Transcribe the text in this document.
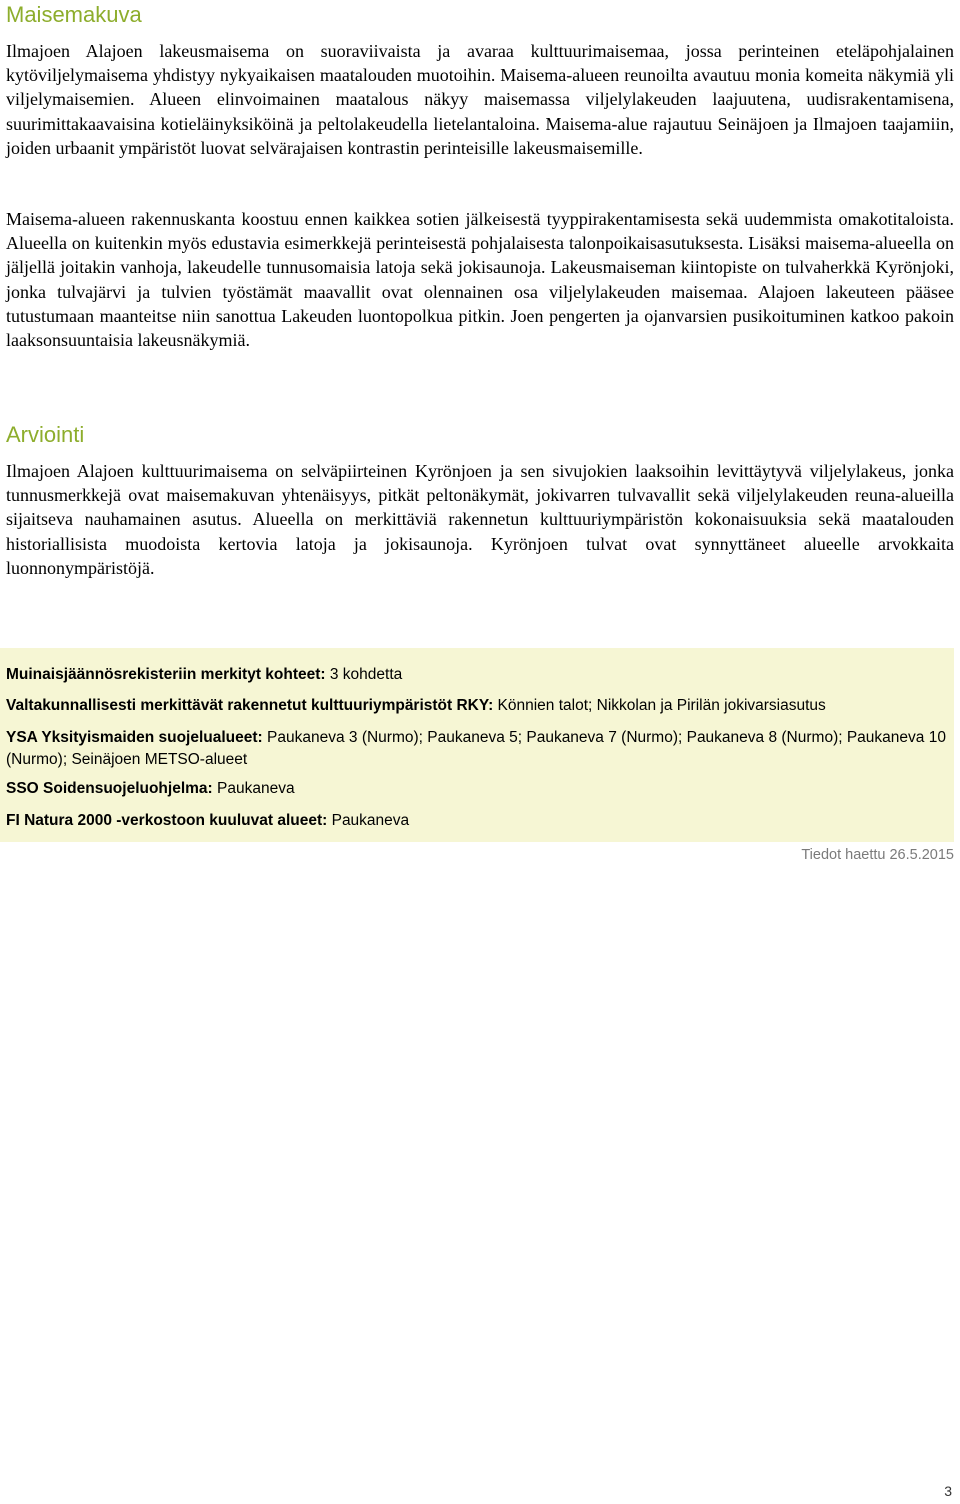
Maisemakuva

Ilmajoen Alajoen lakeusmaisema on suoraviivaista ja avaraa kulttuurimaisemaa, jossa perinteinen eteläpohjalainen kytöviljelymaisema yhdistyy nykyaikaisen maatalouden muotoihin. Maisema-alueen reunoilta avautuu monia komeita näkymiä yli viljelymaisemien. Alueen elinvoimainen maatalous näkyy maisemassa viljelylakeuden laajuutena, uudisrakentamisena, suurimittakaavaisina kotieläinyksiköinä ja peltolakeudella lietelantaloina. Maisema-alue rajautuu Seinäjoen ja Ilmajoen taajamiin, joiden urbaanit ympäristöt luovat selvärajaisen kontrastin perinteisille lakeusmaisemille.

Maisema-alueen rakennuskanta koostuu ennen kaikkea sotien jälkeisestä tyyppirakentamisesta sekä uudemmista omakotitaloista. Alueella on kuitenkin myös edustavia esimerkkejä perinteisestä pohjalaisesta talonpoikaisasutuksesta. Lisäksi maisema-alueella on jäljellä joitakin vanhoja, lakeudelle tunnusomaisia latoja sekä jokisaunoja. Lakeusmaiseman kiintopiste on tulvaherkkä Kyrönjoki, jonka tulvajärvi ja tulvien työstämät maavallit ovat olennainen osa viljelylakeuden maisemaa. Alajoen lakeuteen pääsee tutustumaan maanteitse niin sanottua Lakeuden luontopolkua pitkin. Joen pengerten ja ojanvarsien pusikoituminen katkoo pakoin laaksonsuuntaisia lakeusnäkymiä.

Arviointi

Ilmajoen Alajoen kulttuurimaisema on selväpiirteinen Kyrönjoen ja sen sivujokien laaksoihin levittäytyvä viljelylakeus, jonka tunnusmerkkejä ovat maisemakuvan yhtenäisyys, pitkät peltonäkymät, jokivarren tulvavallit sekä viljelylakeuden reuna-alueilla sijaitseva nauhamainen asutus. Alueella on merkittäviä rakennetun kulttuuriympäristön kokonaisuuksia sekä maatalouden historiallisista muodoista kertovia latoja ja jokisaunoja. Kyrönjoen tulvat ovat synnyttäneet alueelle arvokkaita luonnonympäristöjä.

Muinaisjäännösrekisteriin merkityt kohteet: 3 kohdetta
Valtakunnallisesti merkittävät rakennetut kulttuuriympäristöt RKY: Könnien talot; Nikkolan ja Pirilän jokivarsiasutus
YSA Yksityismaiden suojelualueet: Paukaneva 3 (Nurmo); Paukaneva 5; Paukaneva 7 (Nurmo); Paukaneva 8 (Nurmo); Paukaneva 10 (Nurmo); Seinäjoen METSO-alueet
SSO Soidensuojeluohjelma: Paukaneva
FI Natura 2000 -verkostoon kuuluvat alueet: Paukaneva
Tiedot haettu 26.5.2015
3
